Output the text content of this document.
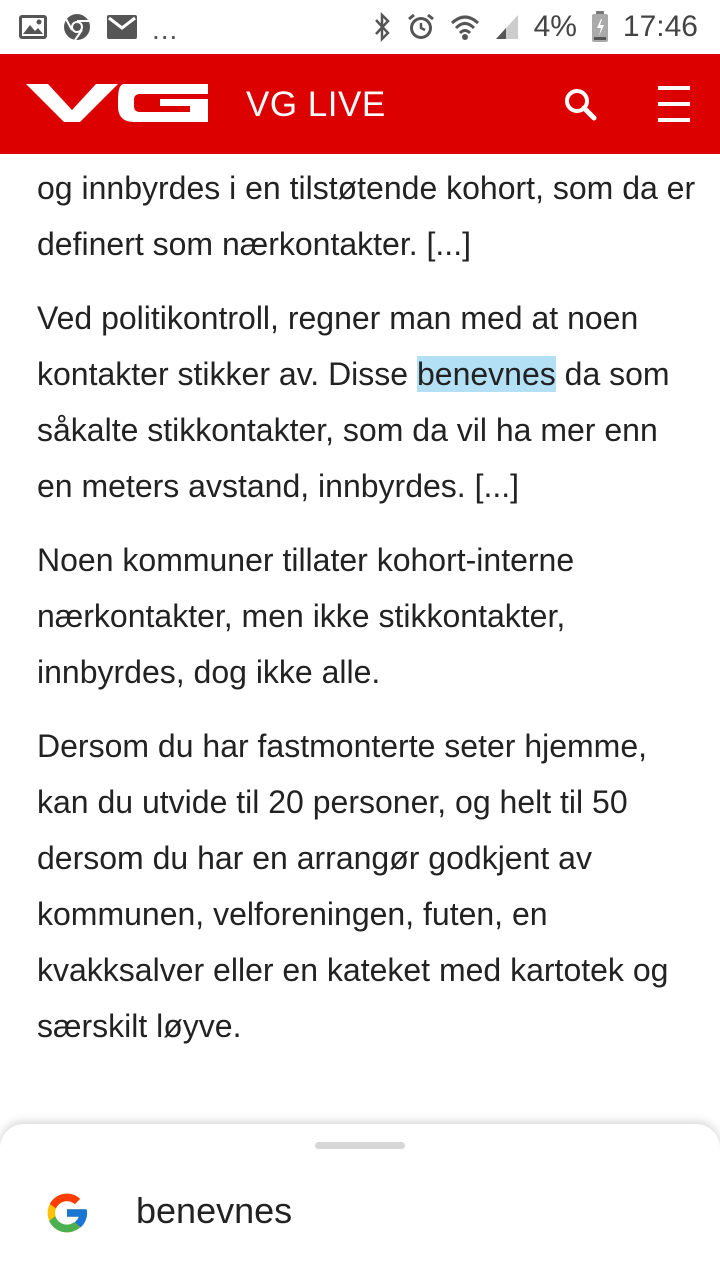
...	4% 17:46
VG LIVE

og innbyrdes i en tilstøtende kohort, som da er definert som nærkontakter. [...]

Ved politikontroll, regner man med at noen kontakter stikker av. Disse benevnes da som såkalte stikkontakter, som da vil ha mer enn en meters avstand, innbyrdes. [...]

Noen kommuner tillater kohort-interne nærkontakter, men ikke stikkontakter, innbyrdes, dog ikke alle.

Dersom du har fastmonterte seter hjemme, kan du utvide til 20 personer, og helt til 50 dersom du har en arrangør godkjent av kommunen, velforeningen, futen, en kvakksalver eller en kateket med kartotek og særskilt løyve.

benevnes
